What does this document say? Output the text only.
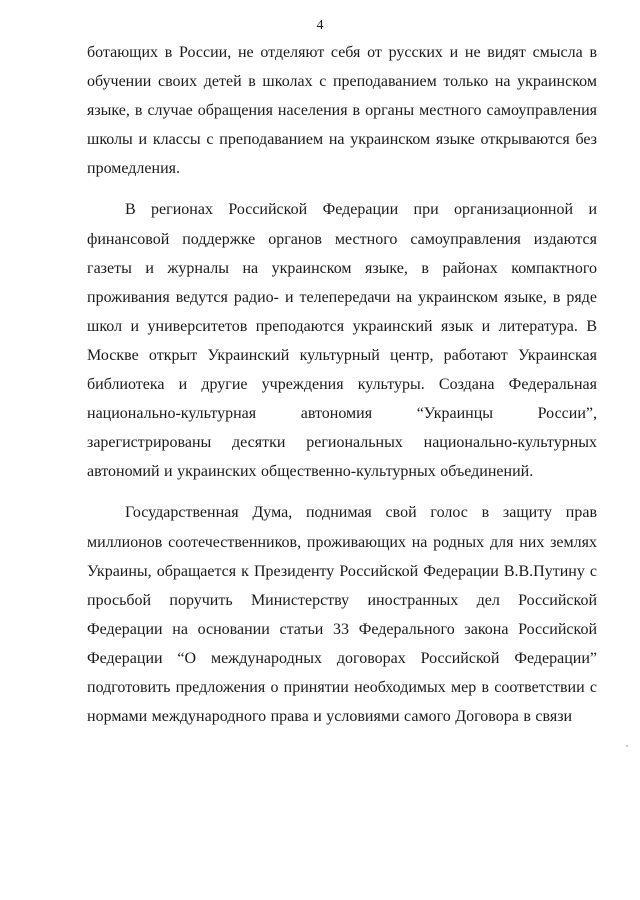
4

ботающих в России, не отделяют себя от русских и не видят смысла в обучении своих детей в школах с преподаванием только на украинском языке, в случае обращения населения в органы местного самоуправления школы и классы с преподаванием на украинском языке открываются без промедления.

В регионах Российской Федерации при организационной и финансовой поддержке органов местного самоуправления издаются газеты и журналы на украинском языке, в районах компактного проживания ведутся радио- и телепередачи на украинском языке, в ряде школ и университетов преподаются украинский язык и литература. В Москве открыт Украинский культурный центр, работают Украинская библиотека и другие учреждения культуры. Создана Федеральная национально-культурная автономия “Украинцы России”, зарегистрированы десятки региональных национально-культурных автономий и украинских общественно-культурных объединений.

Государственная Дума, поднимая свой голос в защиту прав миллионов соотечественников, проживающих на родных для них землях Украины, обращается к Президенту Российской Федерации В.В.Путину с просьбой поручить Министерству иностранных дел Российской Федерации на основании статьи 33 Федерального закона Российской Федерации “О международных договорах Российской Федерации” подготовить предложения о принятии необходимых мер в соответствии с нормами международного права и условиями самого Договора в связи
